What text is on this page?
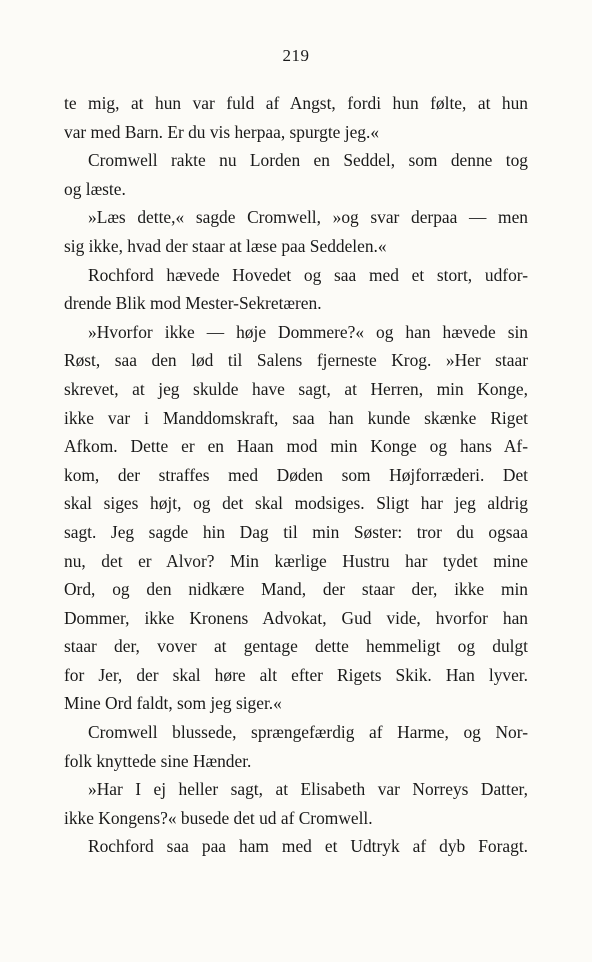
219
te mig, at hun var fuld af Angst, fordi hun følte, at hun
var med Barn. Er du vis herpaa, spurgte jeg.«
Cromwell rakte nu Lorden en Seddel, som denne tog
og læste.
»Læs dette,« sagde Cromwell, »og svar derpaa — men
sig ikke, hvad der staar at læse paa Seddelen.«
Rochford hævede Hovedet og saa med et stort, udfor-
drende Blik mod Mester-Sekretæren.
»Hvorfor ikke — høje Dommere?« og han hævede sin
Røst, saa den lød til Salens fjerneste Krog. »Her staar
skrevet, at jeg skulde have sagt, at Herren, min Konge,
ikke var i Manddomskraft, saa han kunde skænke Riget
Afkom. Dette er en Haan mod min Konge og hans Af-
kom, der straffes med Døden som Højforræderi. Det
skal siges højt, og det skal modsiges. Sligt har jeg aldrig
sagt. Jeg sagde hin Dag til min Søster: tror du ogsaa
nu, det er Alvor? Min kærlige Hustru har tydet mine
Ord, og den nidkære Mand, der staar der, ikke min
Dommer, ikke Kronens Advokat, Gud vide, hvorfor han
staar der, vover at gentage dette hemmeligt og dulgt
for Jer, der skal høre alt efter Rigets Skik. Han lyver.
Mine Ord faldt, som jeg siger.«
Cromwell blussede, sprængefærdig af Harme, og Nor-
folk knyttede sine Hænder.
»Har I ej heller sagt, at Elisabeth var Norreys Datter,
ikke Kongens?« busede det ud af Cromwell.
Rochford saa paa ham med et Udtryk af dyb Foragt.
